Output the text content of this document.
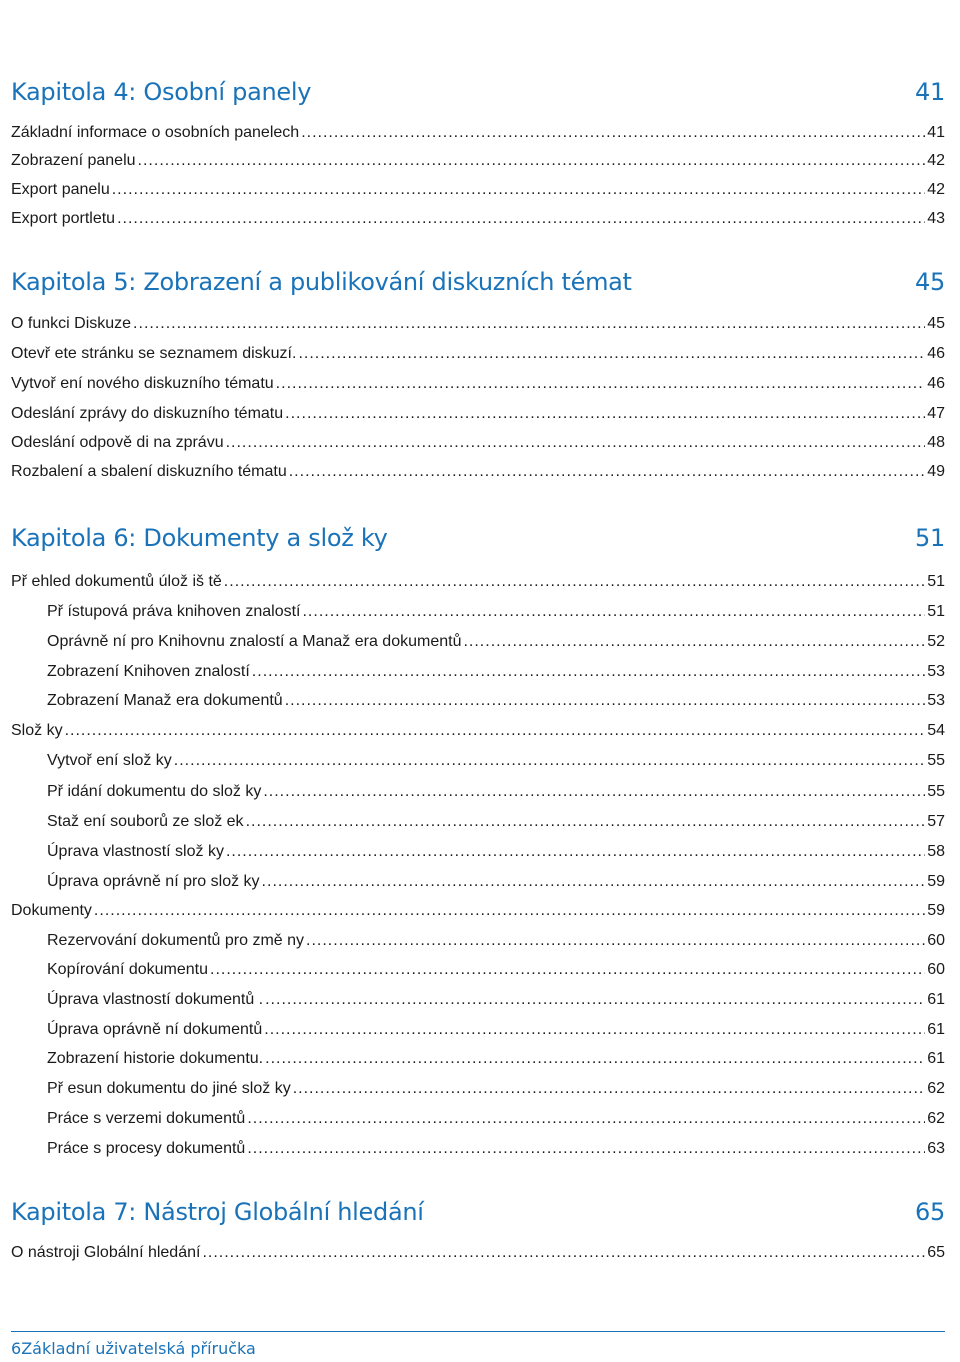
Kapitola 4: Osobní panely	41
Základní informace o osobních panelech .....	41
Zobrazení panelu .....	42
Export panelu .....	42
Export portletu .....	43
Kapitola 5: Zobrazení a publikování diskuzních témat	45
O funkci Diskuze .....	45
Otevř ete stránku se seznamem diskuzí. .....	46
Vytvoř ení nového diskuzního tématu .....	46
Odeslání zprávy do diskuzního tématu .....	47
Odeslání odpově di na zprávu .....	48
Rozbalení a sbalení diskuzního tématu .....	49
Kapitola 6: Dokumenty a slož ky	51
Př ehled dokumentů úlož iš tě .....	51
Př ístupová práva knihoven znalostí .....	51
Oprávně ní pro Knihovnu znalostí a Manaž era dokumentů .....	52
Zobrazení Knihoven znalostí .....	53
Zobrazení Manaž era dokumentů .....	53
Slož ky .....	54
Vytvoř ení slož ky .....	55
Př idání dokumentu do slož ky .....	55
Staž ení souborů ze slož ek .....	57
Úprava vlastností slož ky .....	58
Úprava oprávně ní pro slož ky .....	59
Dokumenty .....	59
Rezervování dokumentů pro změ ny .....	60
Kopírování dokumentu .....	60
Úprava vlastností dokumentů . .....	61
Úprava oprávně ní dokumentů .....	61
Zobrazení historie dokumentu. .....	61
Př esun dokumentu do jiné slož ky .....	62
Práce s verzemi dokumentů .....	62
Práce s procesy dokumentů .....	63
Kapitola 7: Nástroj Globální hledání	65
O nástroji Globální hledání .....	65
6Základní uživatelská příručka
